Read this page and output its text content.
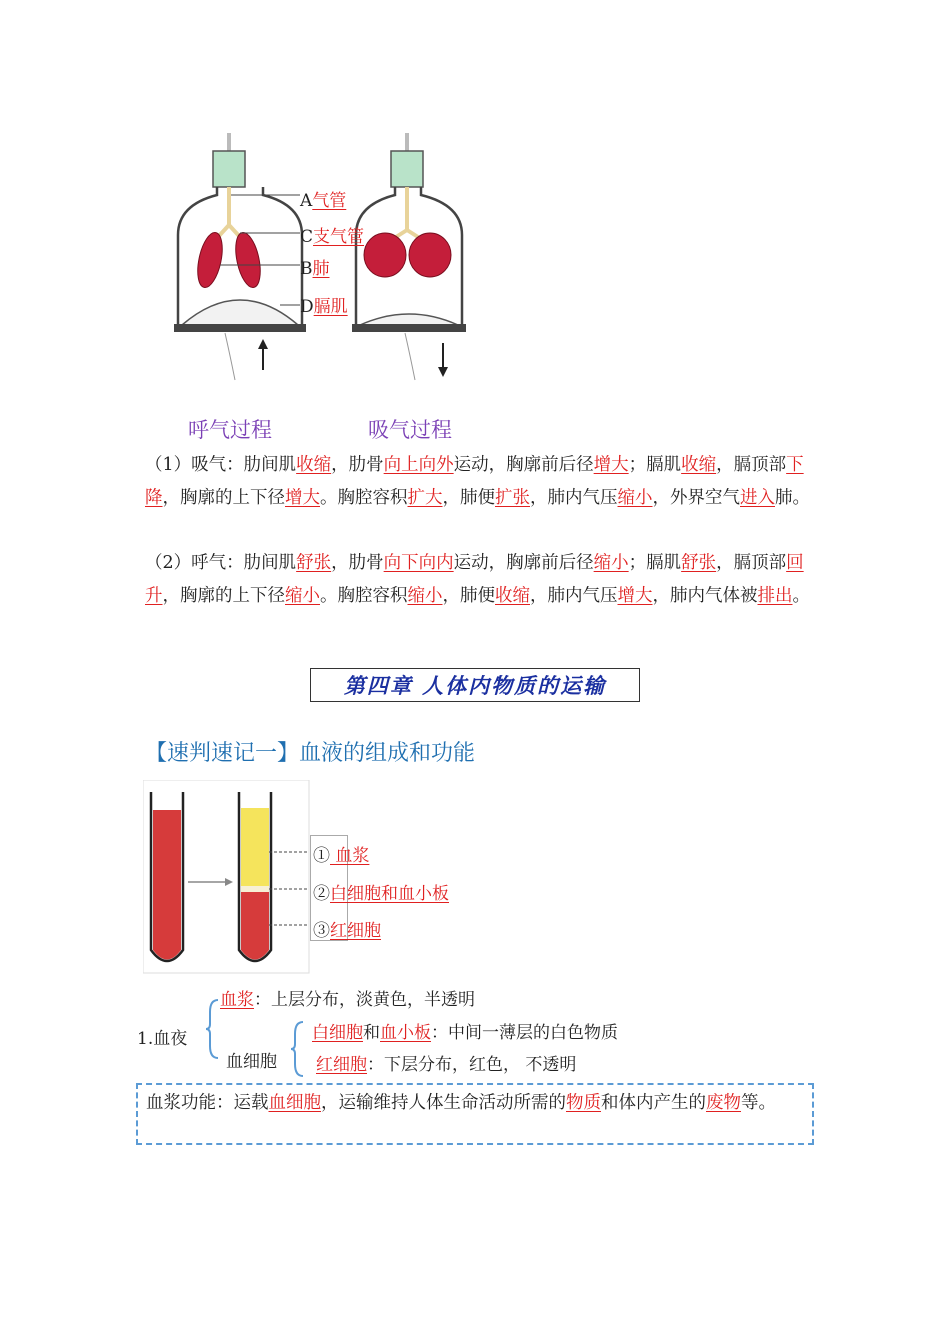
A气管
C支气管
B肺
D膈肌
呼气过程	吸气过程

（1）吸气：肋间肌收缩，肋骨向上向外运动，胸廓前后径增大；膈肌收缩，膈顶部下降，胸廓的上下径增大。胸腔容积扩大，肺便扩张，肺内气压缩小，外界空气进入肺。

（2）呼气：肋间肌舒张，肋骨向下向内运动，胸廓前后径缩小；膈肌舒张，膈顶部回升，胸廓的上下径缩小。胸腔容积缩小，肺便收缩，肺内气压增大，肺内气体被排出。

第四章 人体内物质的运输
【速判速记一】血液的组成和功能
① 血浆
②白细胞和血小板
③红细胞
1.血夜
血浆：上层分布，淡黄色，半透明
血细胞
白细胞和血小板：中间一薄层的白色物质
红细胞：下层分布，红色， 不透明
血浆功能：运载血细胞，运输维持人体生命活动所需的物质和体内产生的废物等。
